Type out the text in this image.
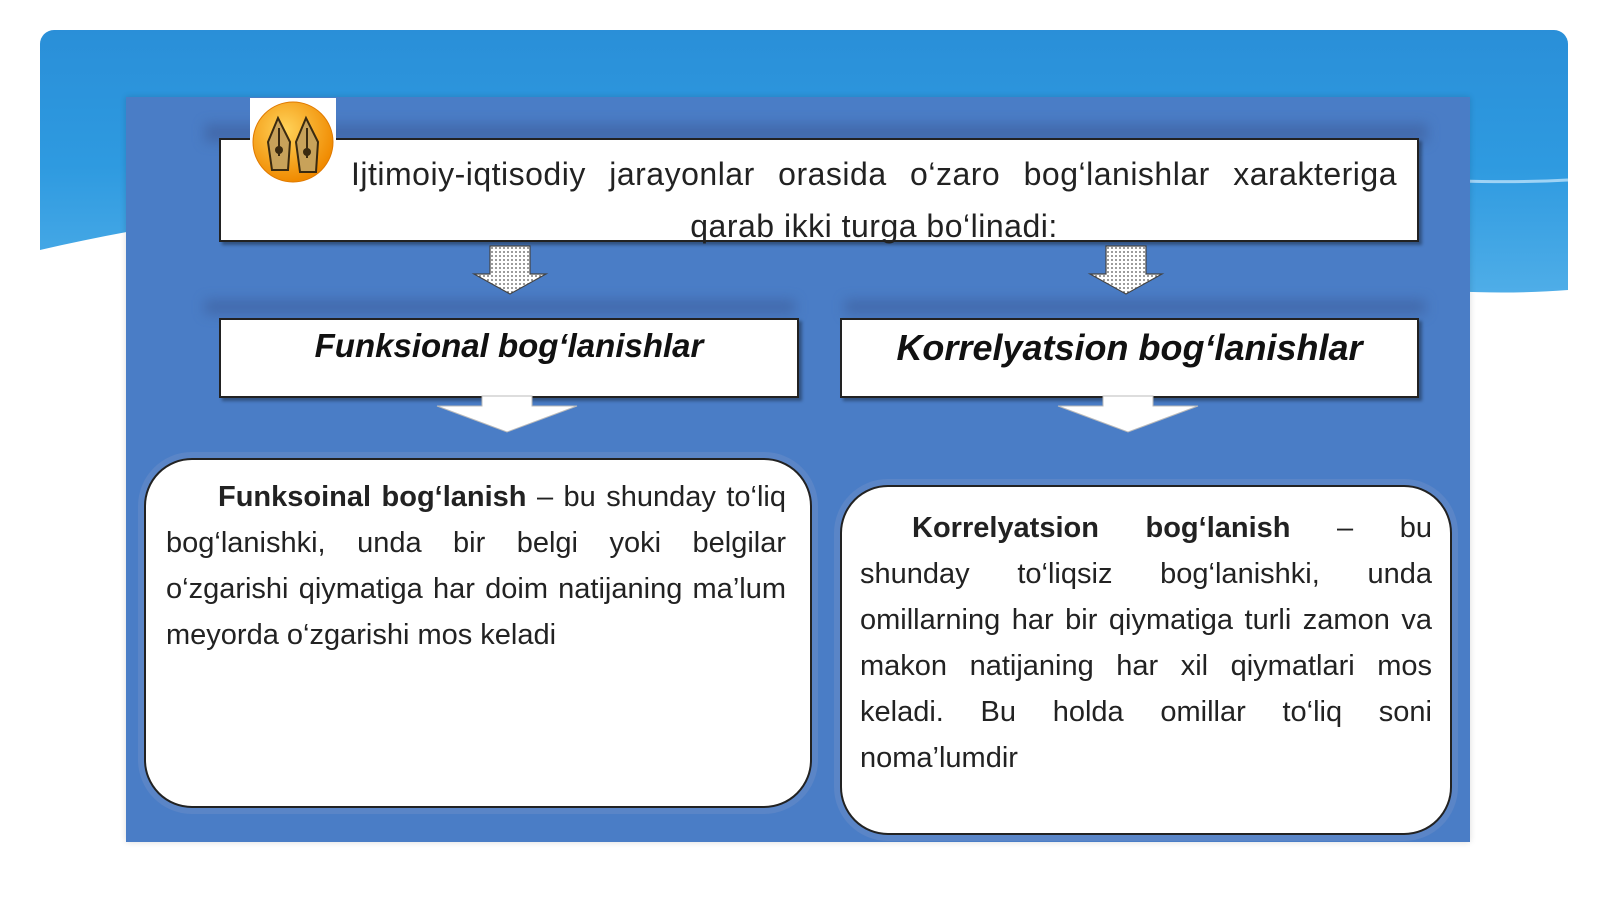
Ijtimoiy-iqtisodiy jarayonlar orasida o‘zaro bog‘lanishlar xarakteriga qarab ikki turga bo‘linadi:
Funksional bog‘lanishlar	Korrelyatsion bog‘lanishlar
Funksoinal bog‘lanish – bu shunday to‘liq bog‘lanishki, unda bir belgi yoki belgilar o‘zgarishi qiymatiga har doim natijaning ma’lum meyorda o‘zgarishi mos keladi
Korrelyatsion bog‘lanish – bu shunday to‘liqsiz bog‘lanishki, unda omillarning har bir qiymatiga turli zamon va makon natijaning har xil qiymatlari mos keladi. Bu holda omillar to‘liq soni noma’lumdir
